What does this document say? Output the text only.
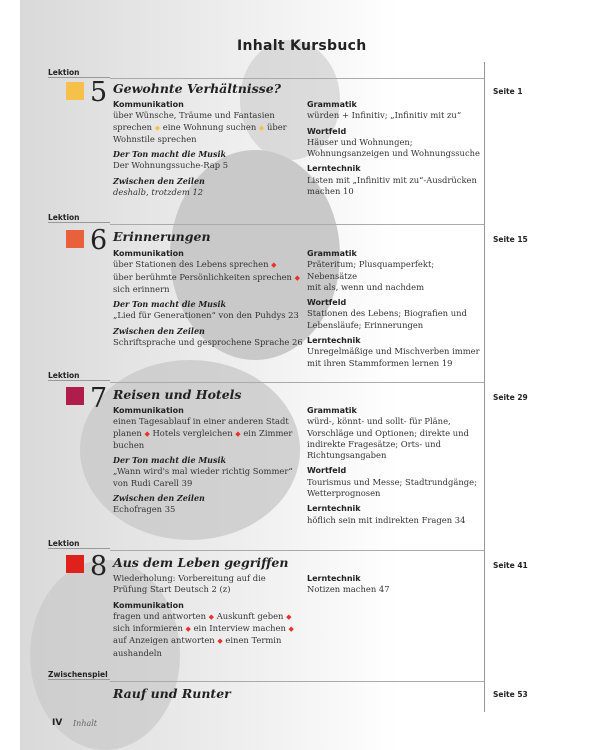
Inhalt Kursbuch
Lektion
5 Gewohnte Verhältnisse?	Seite 1
Kommunikation
über Wünsche, Träume und Fantasien
sprechen ◆ eine Wohnung suchen ◆ über
Wohnstile sprechen
Der Ton macht die Musik
Der Wohnungssuche-Rap 5
Zwischen den Zeilen
deshalb, trotzdem 12
Grammatik
würden + Infinitiv; „Infinitiv mit zu“
Wortfeld
Häuser und Wohnungen;
Wohnungsanzeigen und Wohnungssuche
Lerntechnik
Listen mit „Infinitiv mit zu“-Ausdrücken
machen 10
Lektion
6 Erinnerungen	Seite 15
Kommunikation
über Stationen des Lebens sprechen ◆
über berühmte Persönlichkeiten sprechen ◆
sich erinnern
Der Ton macht die Musik
„Lied für Generationen“ von den Puhdys 23
Zwischen den Zeilen
Schriftsprache und gesprochene Sprache 26
Grammatik
Präteritum; Plusquamperfekt; Nebensätze
mit als, wenn und nachdem
Wortfeld
Stationen des Lebens; Biografien und
Lebensläufe; Erinnerungen
Lerntechnik
Unregelmäßige und Mischverben immer
mit ihren Stammformen lernen 19
Lektion
7 Reisen und Hotels	Seite 29
Kommunikation
einen Tagesablauf in einer anderen Stadt
planen ◆ Hotels vergleichen ◆ ein Zimmer
buchen
Der Ton macht die Musik
„Wann wird's mal wieder richtig Sommer“
von Rudi Carell 39
Zwischen den Zeilen
Echofragen 35
Grammatik
würd-, könnt- und sollt- für Pläne,
Vorschläge und Optionen; direkte und
indirekte Fragesätze; Orts- und
Richtungsangaben
Wortfeld
Tourismus und Messe; Stadtrundgänge;
Wetterprognosen
Lerntechnik
höflich sein mit indirekten Fragen 34
Lektion
8 Aus dem Leben gegriffen	Seite 41
Wiederholung: Vorbereitung auf die
Prüfung Start Deutsch 2 (z)
Kommunikation
fragen und antworten ◆ Auskunft geben ◆
sich informieren ◆ ein Interview machen ◆
auf Anzeigen antworten ◆ einen Termin
aushandeln
Lerntechnik
Notizen machen 47
Zwischenspiel
Rauf und Runter	Seite 53
IV Inhalt
